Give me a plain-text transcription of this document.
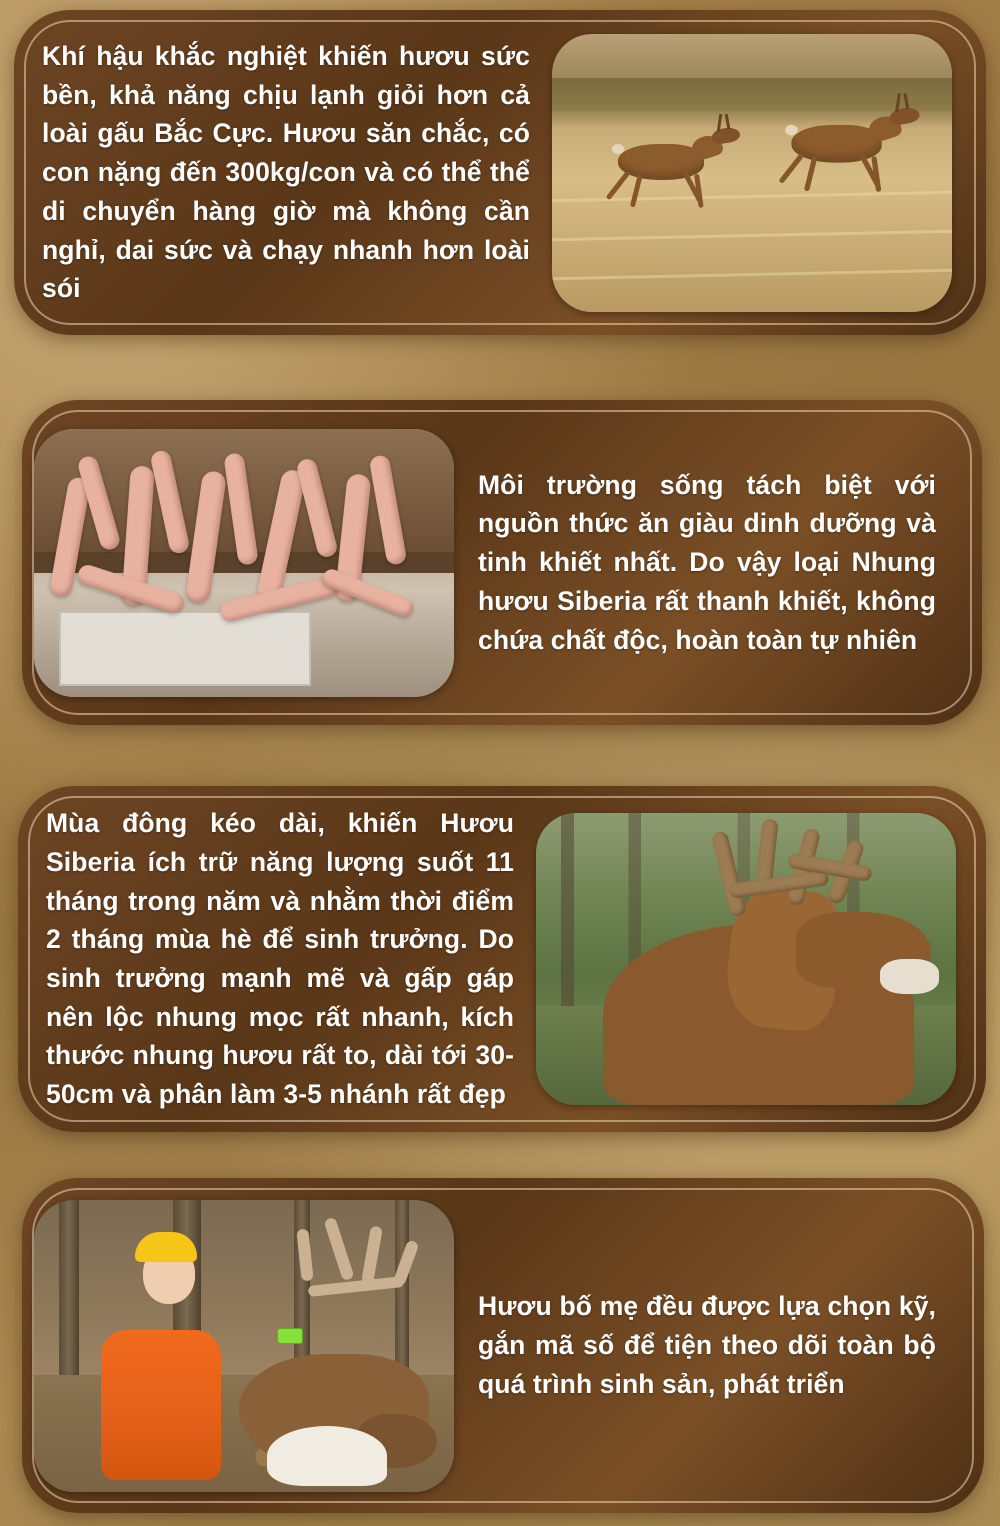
Khí hậu khắc nghiệt khiến hươu sức bền, khả năng chịu lạnh giỏi hơn cả loài gấu Bắc Cực. Hươu săn chắc, có con nặng đến 300kg/con và có thể thể di chuyển hàng giờ mà không cần nghỉ, dai sức và chạy nhanh hơn loài sói
Môi trường sống tách biệt với nguồn thức ăn giàu dinh dưỡng và tinh khiết nhất. Do vậy loại Nhung hươu Siberia rất thanh khiết, không chứa chất độc, hoàn toàn tự nhiên
Mùa đông kéo dài, khiến Hươu Siberia ích trữ năng lượng suốt 11 tháng trong năm và nhằm thời điểm 2 tháng mùa hè để sinh trưởng. Do sinh trưởng mạnh mẽ và gấp gáp nên lộc nhung mọc rất nhanh, kích thước nhung hươu rất to, dài tới 30-50cm và phân làm 3-5 nhánh rất đẹp
Hươu bố mẹ đều được lựa chọn kỹ, gắn mã số để tiện theo dõi toàn bộ quá trình sinh sản, phát triển
